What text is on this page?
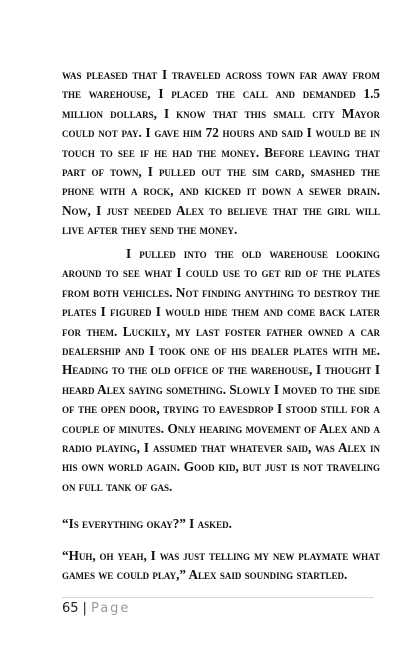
was pleased that I traveled across town far away from the warehouse, I placed the call and demanded 1.5 million dollars, I know that this small city Mayor could not pay. I gave him 72 hours and said I would be in touch to see if he had the money. Before leaving that part of town, I pulled out the sim card, smashed the phone with a rock, and kicked it down a sewer drain. Now, I just needed Alex to believe that the girl will live after they send the money.

I pulled into the old warehouse looking around to see what I could use to get rid of the plates from both vehicles. Not finding anything to destroy the plates I figured I would hide them and come back later for them. Luckily, my last foster father owned a car dealership and I took one of his dealer plates with me. Heading to the old office of the warehouse, I thought I heard Alex saying something. Slowly I moved to the side of the open door, trying to eavesdrop I stood still for a couple of minutes. Only hearing movement of Alex and a radio playing, I assumed that whatever said, was Alex in his own world again. Good kid, but just is not traveling on full tank of gas.

“Is everything okay?” I asked.

“Huh, oh yeah, I was just telling my new playmate what games we could play,” Alex said sounding startled.

65 | Page
